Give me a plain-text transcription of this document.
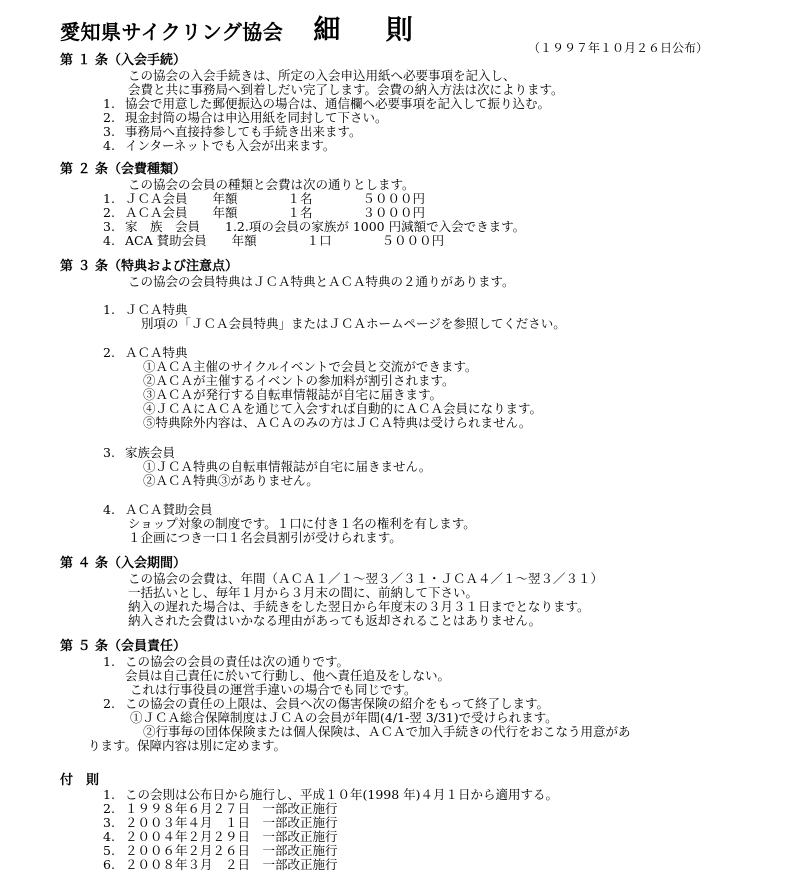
愛知県サイクリング協会 細 則
（１９９７年１０月２６日公布）
第 １ 条（入会手続）
この協会の入会手続きは、所定の入会申込用紙へ必要事項を記入し、
会費と共に事務局へ到着しだい完了します。会費の納入方法は次によります。
1. 協会で用意した郵便振込の場合は、通信欄へ必要事項を記入して振り込む。
2. 現金封筒の場合は申込用紙を同封して下さい。
3. 事務局へ直接持参しても手続き出来ます。
4. インターネットでも入会が出来ます。
第 ２ 条（会費種類）
この協会の会員の種類と会費は次の通りとします。
1. ＪＣＡ会員　　年額　　　　１名　　　　５０００円
2. ＡＣＡ会員　　年額　　　　１名　　　　３０００円
3. 家　族　会員　　1.2.項の会員の家族が 1000 円減額で入会できます。
4. ACA 賛助会員　　年額　　　　１口　　　　５０００円
第 ３ 条（特典および注意点）
この協会の会員特典はＪＣＡ特典とＡＣＡ特典の２通りがあります。
1. ＪＣＡ特典
別項の「ＪＣＡ会員特典」またはＪＣＡホームページを参照してください。
2. ＡＣＡ特典
①ＡＣＡ主催のサイクルイベントで会員と交流ができます。
②ＡＣＡが主催するイベントの参加料が割引されます。
③ＡＣＡが発行する自転車情報誌が自宅に届きます。
④ＪＣＡにＡＣＡを通じて入会すれば自動的にＡＣＡ会員になります。
⑤特典除外内容は、ＡＣＡのみの方はＪＣＡ特典は受けられません。
3. 家族会員
①ＪＣＡ特典の自転車情報誌が自宅に届きません。
②ＡＣＡ特典③がありません。
4. ＡＣＡ賛助会員
ショップ対象の制度です。１口に付き１名の権利を有します。
１企画につき一口１名会員割引が受けられます。
第 ４ 条（入会期間）
この協会の会費は、年間（ＡＣＡ１／１～翌３／３１・ＪＣＡ４／１～翌３／３１）
一括払いとし、毎年１月から３月末の間に、前納して下さい。
納入の遅れた場合は、手続きをした翌日から年度末の３月３１日までとなります。
納入された会費はいかなる理由があっても返却されることはありません。
第 ５ 条（会員責任）
1. この協会の会員の責任は次の通りです。
会員は自己責任に於いて行動し、他へ責任追及をしない。
これは行事役員の運営手違いの場合でも同じです。
2. この協会の責任の上限は、会員へ次の傷害保険の紹介をもって終了します。
①ＪＣＡ総合保障制度はＪＣＡの会員が年間(4/1-翌 3/31)で受けられます。
②行事毎の団体保険または個人保険は、ＡＣＡで加入手続きの代行をおこなう用意があ
ります。保障内容は別に定めます。
付　則
1. この会則は公布日から施行し、平成１０年(1998 年)４月１日から適用する。
2. １９９８年６月２７日　一部改正施行
3. ２００３年４月　１日　一部改正施行
4. ２００４年２月２９日　一部改正施行
5. ２００６年２月２６日　一部改正施行
6. ２００８年３月　２日　一部改正施行
